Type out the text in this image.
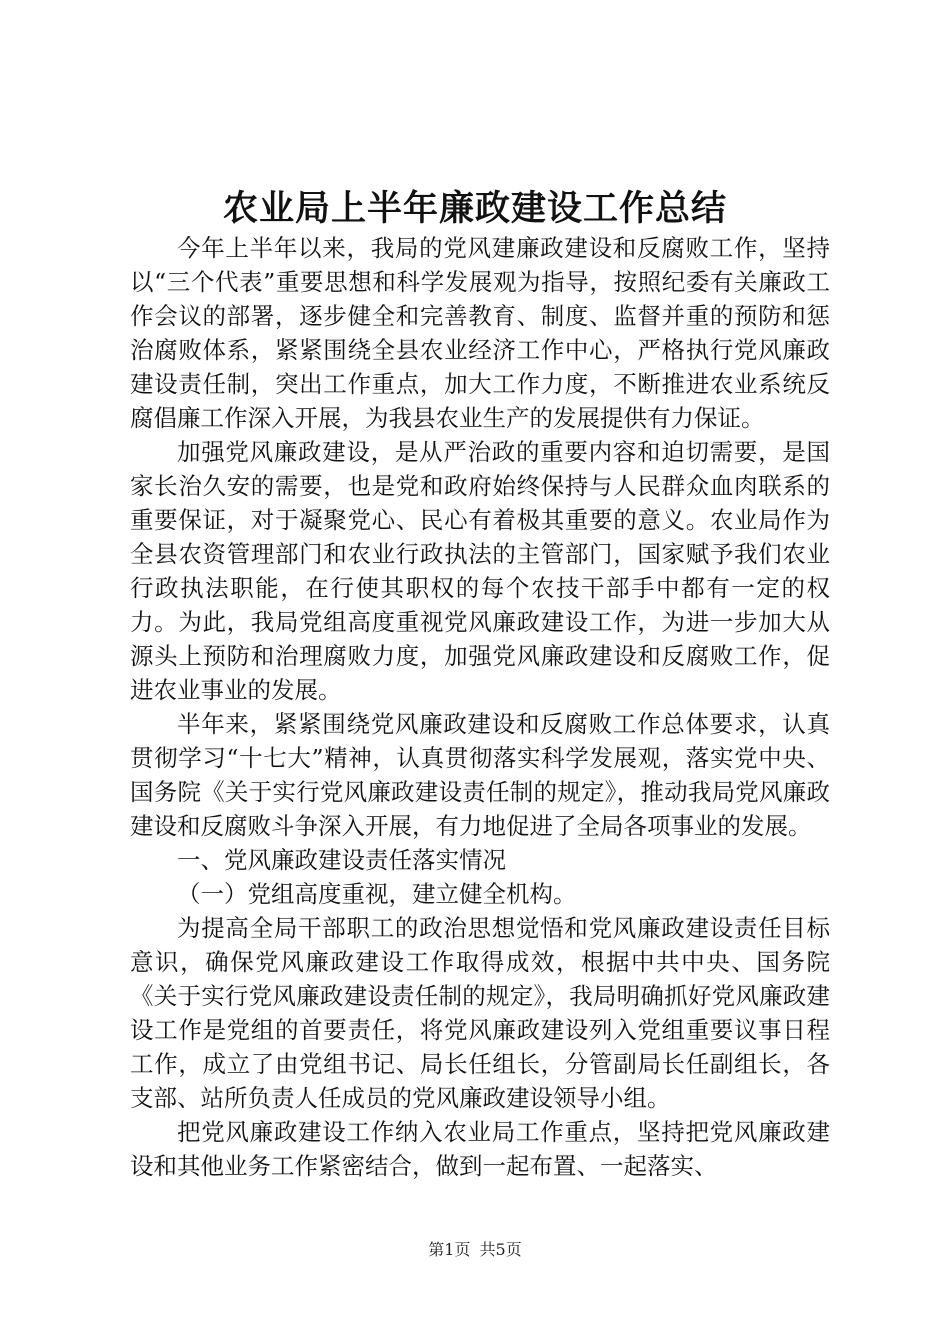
农业局上半年廉政建设工作总结

今年上半年以来，我局的党风建廉政建设和反腐败工作，坚持以“三个代表”重要思想和科学发展观为指导，按照纪委有关廉政工作会议的部署，逐步健全和完善教育、制度、监督并重的预防和惩治腐败体系，紧紧围绕全县农业经济工作中心，严格执行党风廉政建设责任制，突出工作重点，加大工作力度，不断推进农业系统反腐倡廉工作深入开展，为我县农业生产的发展提供有力保证。

加强党风廉政建设，是从严治政的重要内容和迫切需要，是国家长治久安的需要，也是党和政府始终保持与人民群众血肉联系的重要保证，对于凝聚党心、民心有着极其重要的意义。农业局作为全县农资管理部门和农业行政执法的主管部门，国家赋予我们农业行政执法职能，在行使其职权的每个农技干部手中都有一定的权力。为此，我局党组高度重视党风廉政建设工作，为进一步加大从源头上预防和治理腐败力度，加强党风廉政建设和反腐败工作，促进农业事业的发展。

半年来，紧紧围绕党风廉政建设和反腐败工作总体要求，认真贯彻学习“十七大”精神，认真贯彻落实科学发展观，落实党中央、国务院《关于实行党风廉政建设责任制的规定》，推动我局党风廉政建设和反腐败斗争深入开展，有力地促进了全局各项事业的发展。

一、党风廉政建设责任落实情况

（一）党组高度重视，建立健全机构。

为提高全局干部职工的政治思想觉悟和党风廉政建设责任目标意识，确保党风廉政建设工作取得成效，根据中共中央、国务院《关于实行党风廉政建设责任制的规定》，我局明确抓好党风廉政建设工作是党组的首要责任，将党风廉政建设列入党组重要议事日程工作，成立了由党组书记、局长任组长，分管副局长任副组长，各支部、站所负责人任成员的党风廉政建设领导小组。

把党风廉政建设工作纳入农业局工作重点，坚持把党风廉政建设和其他业务工作紧密结合，做到一起布置、一起落实、

第1页 共5页
